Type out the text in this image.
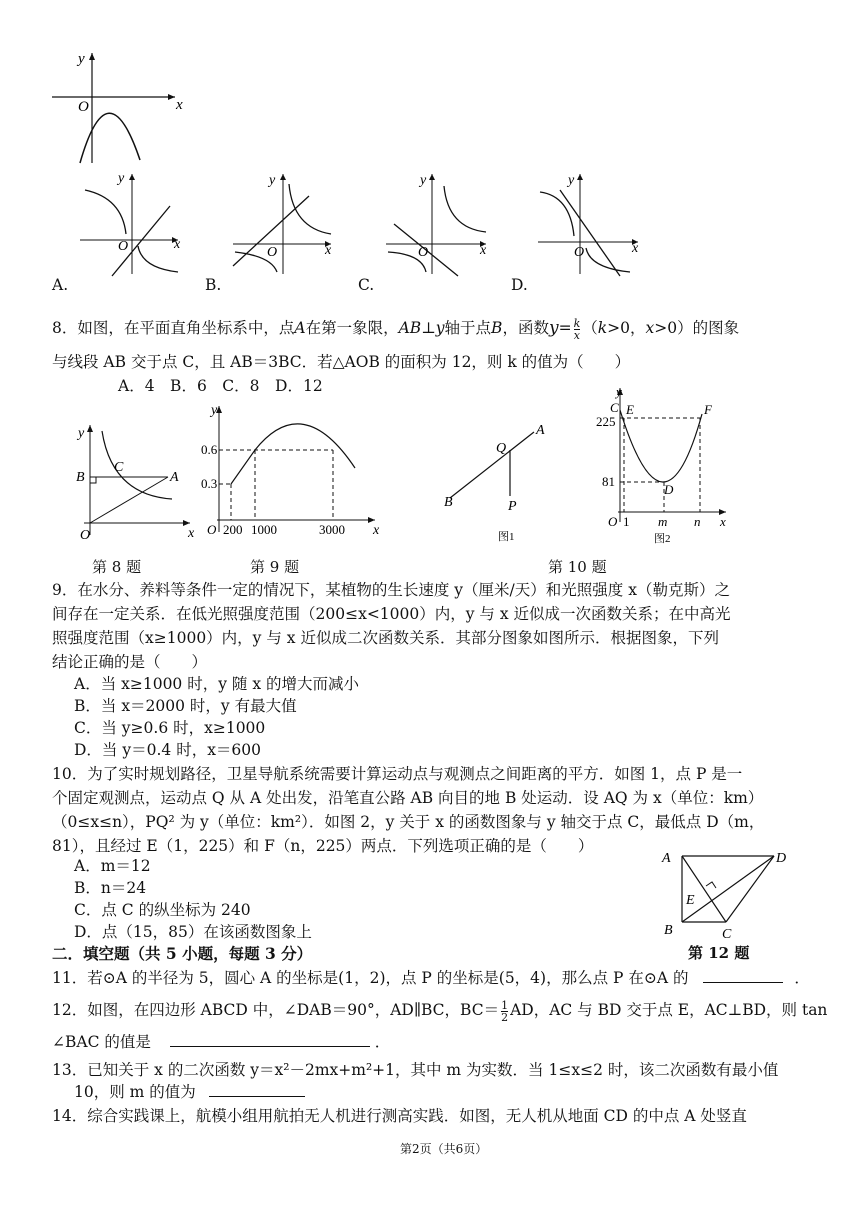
y
x
O
y
O	x
y
O	x
y
O	x
y
O	x
A.	B.	C.	D.
8．如图，在平面直角坐标系中，点A在第一象限，AB⊥y轴于点B，函数$y= \frac{k}{x} (k>0$，x>0）的图象
与线段 AB 交于点 C，且 AB＝3BC．若△AOB 的面积为 12，则 k 的值为（　　）
A．4　B．6　C．8　D．12
y
x
O
B
C
A
y
x
O
0.6
0.3
200 1000	3000
A
B
Q
P
图1
y
C E	F
225
81
D
O 1 m n x
图2
第 8 题	第 9 题	第 10 题
9．在水分、养料等条件一定的情况下，某植物的生长速度 y（厘米/天）和光照强度 x（勒克斯）之
间存在一定关系．在低光照强度范围（200≤x<1000）内，y 与 x 近似成一次函数关系；在中高光
照强度范围（x≥1000）内，y 与 x 近似成二次函数关系．其部分图象如图所示．根据图象，下列
结论正确的是（　　）
A．当 x≥1000 时，y 随 x 的增大而减小
B．当 x＝2000 时，y 有最大值
C．当 y≥0.6 时，x≥1000
D．当 y＝0.4 时，x＝600
10．为了实时规划路径，卫星导航系统需要计算运动点与观测点之间距离的平方．如图 1，点 P 是一
个固定观测点，运动点 Q 从 A 处出发，沿笔直公路 AB 向目的地 B 处运动．设 AQ 为 x（单位：km）
（0≤x≤n），PQ² 为 y（单位：km²）．如图 2，y 关于 x 的函数图象与 y 轴交于点 C，最低点 D（m，
81），且经过 E（1，225）和 F（n，225）两点．下列选项正确的是（　　）
A．m＝12
B．n＝24
C．点 C 的纵坐标为 240
D．点（15，85）在该函数图象上
A	D
E
B	C
二．填空题（共 5 小题，每题 3 分）	第 12 题
11．若⊙A 的半径为 5，圆心 A 的坐标是(1，2)，点 P 的坐标是(5，4)，那么点 P 在⊙A 的	．
12．如图，在四边形 ABCD 中，∠DAB＝90°，AD∥BC，$BC= \frac{1}{2}$ AD，AC 与 BD 交于点 E，AC⊥BD，则 tan
∠BAC 的值是	．
13．已知关于 x 的二次函数 y＝x²－2mx+m²+1，其中 m 为实数．当 1≤x≤2 时，该二次函数有最小值
10，则 m 的值为
14．综合实践课上，航模小组用航拍无人机进行测高实践．如图，无人机从地面 CD 的中点 A 处竖直
第2页（共6页）
